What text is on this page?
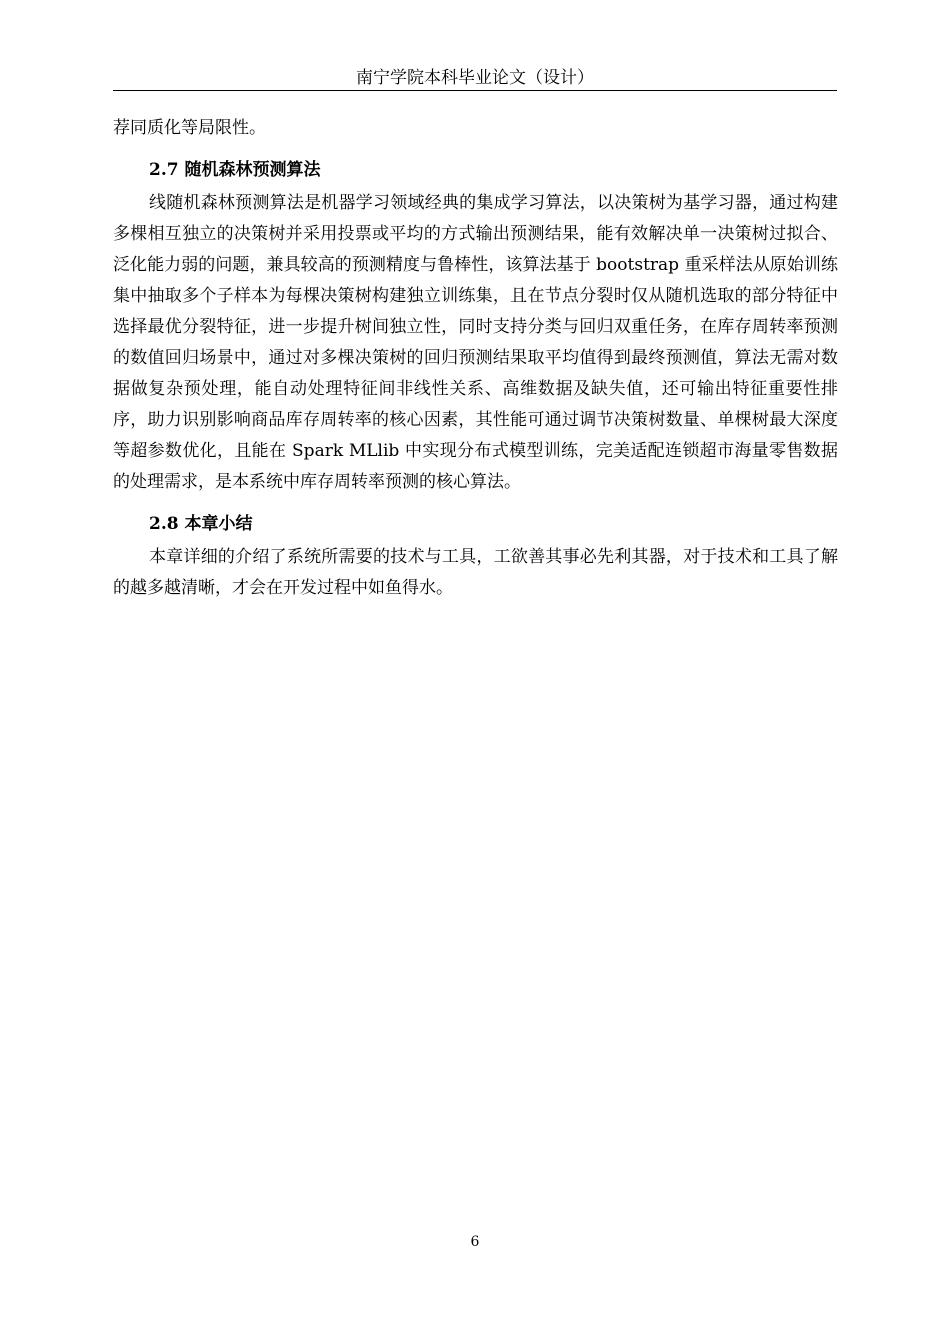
南宁学院本科毕业论文（设计）

荐同质化等局限性。

2.7 随机森林预测算法

线随机森林预测算法是机器学习领域经典的集成学习算法，以决策树为基学习器，通过构建多棵相互独立的决策树并采用投票或平均的方式输出预测结果，能有效解决单一决策树过拟合、泛化能力弱的问题，兼具较高的预测精度与鲁棒性，该算法基于 bootstrap 重采样法从原始训练集中抽取多个子样本为每棵决策树构建独立训练集，且在节点分裂时仅从随机选取的部分特征中选择最优分裂特征，进一步提升树间独立性，同时支持分类与回归双重任务，在库存周转率预测的数值回归场景中，通过对多棵决策树的回归预测结果取平均值得到最终预测值，算法无需对数据做复杂预处理，能自动处理特征间非线性关系、高维数据及缺失值，还可输出特征重要性排序，助力识别影响商品库存周转率的核心因素，其性能可通过调节决策树数量、单棵树最大深度等超参数优化，且能在 Spark MLlib 中实现分布式模型训练，完美适配连锁超市海量零售数据的处理需求，是本系统中库存周转率预测的核心算法。

2.8 本章小结

本章详细的介绍了系统所需要的技术与工具，工欲善其事必先利其器，对于技术和工具了解的越多越清晰，才会在开发过程中如鱼得水。

6
